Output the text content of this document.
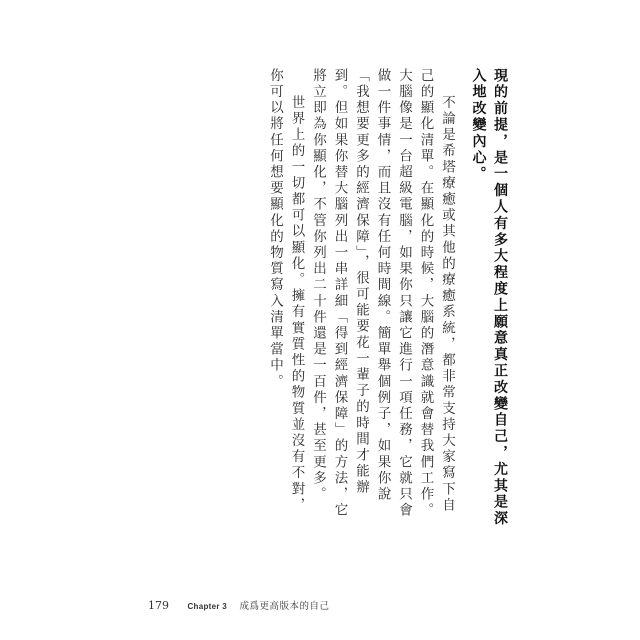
現的前提，是一個人有多大程度上願意真正改變自己，尤其是深入地改變內心。

不論是希塔療癒或其他的療癒系統，都非常支持大家寫下自己的顯化清單。在顯化的時候，大腦的潛意識就會替我們工作。大腦像是一台超級電腦，如果你只讓它進行一項任務，它就只會做一件事情，而且沒有任何時間線。簡單舉個例子，如果你說「我想要更多的經濟保障」，很可能要花一輩子的時間才能辦到。但如果你替大腦列出一串詳細「得到經濟保障」的方法，它將立即為你顯化，不管你列出二十件還是一百件，甚至更多。

世界上的一切都可以顯化。擁有實質性的物質並沒有不對，你可以將任何想要顯化的物質寫入清單當中。

179 Chapter 3 成爲更高版本的自己
